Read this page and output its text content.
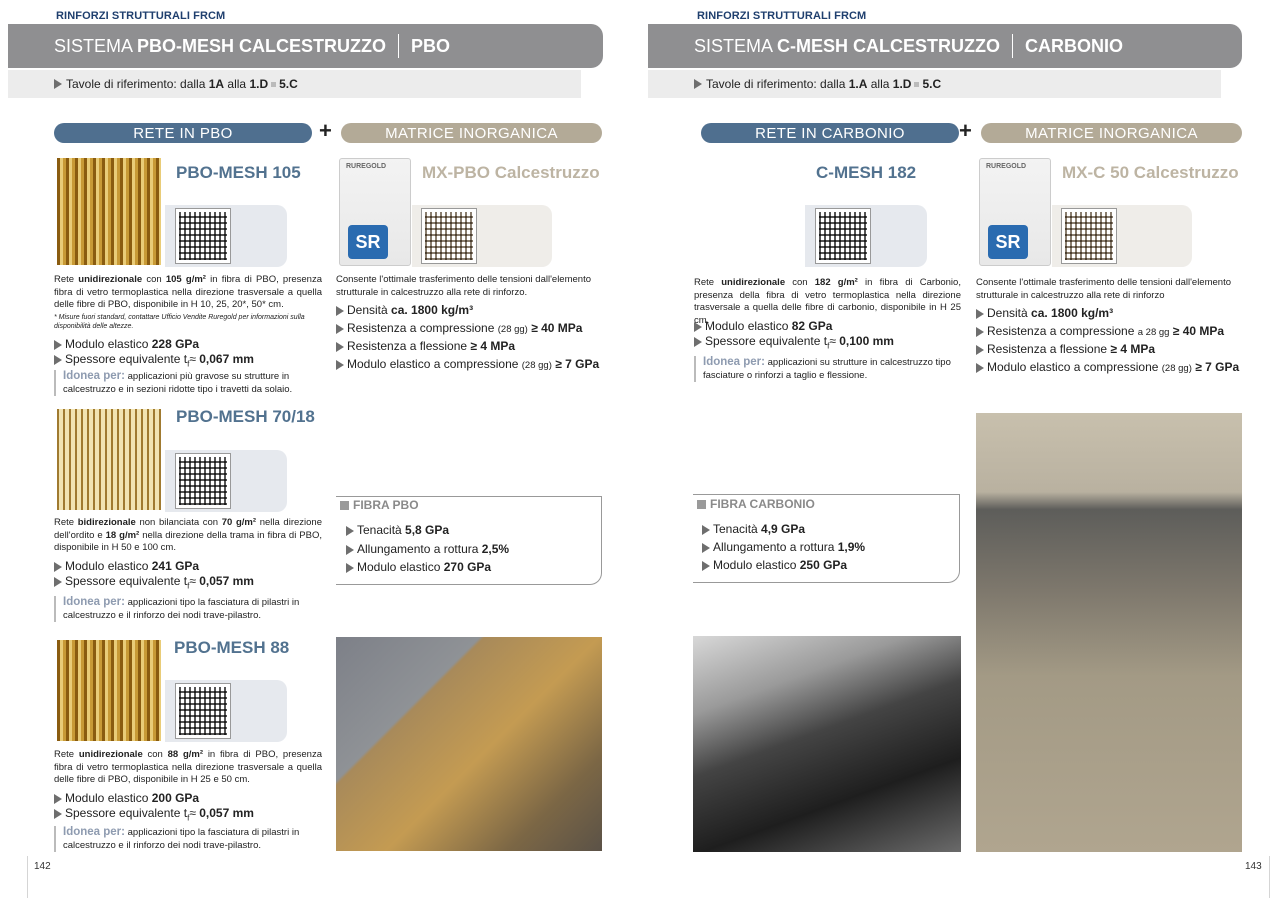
RINFORZI STRUTTURALI FRCM
SISTEMA PBO-MESH CALCESTRUZZO PBO
Tavole di riferimento: dalla 1A alla 1.D 5.C
RETE IN PBO	+	MATRICE INORGANICA
PBO-MESH 105
Rete unidirezionale con 105 g/m² in fibra di PBO, presenza fibra di vetro termoplastica nella direzione trasversale a quella delle fibre di PBO, disponibile in H 10, 25, 20*, 50* cm.
* Misure fuori standard, contattare Ufficio Vendite Ruregold per informazioni sulla disponibilità delle altezze.
Modulo elastico 228 GPa
Spessore equivalente $t_f\approx 0,067$ mm
Idonea per: applicazioni più gravose su strutture in calcestruzzo e in sezioni ridotte tipo i travetti da solaio.
RUREGOLD
SR
MX-PBO Calcestruzzo
Consente l'ottimale trasferimento delle tensioni dall'elemento strutturale in calcestruzzo alla rete di rinforzo.
Densità ca. 1800 kg/m³
Resistenza a compressione (28 gg) ≥ 40 MPa
Resistenza a flessione ≥ 4 MPa
Modulo elastico a compressione (28 gg) ≥ 7 GPa
PBO-MESH 70/18
Rete bidirezionale non bilanciata con 70 g/m² nella direzione dell'ordito e 18 g/m² nella direzione della trama in fibra di PBO, disponibile in H 50 e 100 cm.
Modulo elastico 241 GPa
Spessore equivalente $t_f\approx 0,057$ mm
Idonea per: applicazioni tipo la fasciatura di pilastri in calcestruzzo e il rinforzo dei nodi trave-pilastro.
FIBRA PBO
Tenacità 5,8 GPa
Allungamento a rottura 2,5%
Modulo elastico 270 GPa
PBO-MESH 88
Rete unidirezionale con 88 g/m² in fibra di PBO, presenza fibra di vetro termoplastica nella direzione trasversale a quella delle fibre di PBO, disponibile in H 25 e 50 cm.
Modulo elastico 200 GPa
Spessore equivalente $t_f\approx 0,057$ mm
Idonea per: applicazioni tipo la fasciatura di pilastri in calcestruzzo e il rinforzo dei nodi trave-pilastro.
142
RINFORZI STRUTTURALI FRCM
SISTEMA C-MESH CALCESTRUZZO CARBONIO
Tavole di riferimento: dalla 1.A alla 1.D 5.C
RETE IN CARBONIO	+	MATRICE INORGANICA
C-MESH 182
Rete unidirezionale con 182 g/m² in fibra di Carbonio, presenza della fibra di vetro termoplastica nella direzione trasversale a quella delle fibre di carbonio, disponibile in H 25 cm.
Modulo elastico 82 GPa
Spessore equivalente $t_f\approx 0,100$ mm
Idonea per: applicazioni su strutture in calcestruzzo tipo fasciature o rinforzi a taglio e flessione.
RUREGOLD
SR
MX-C 50 Calcestruzzo
Consente l'ottimale trasferimento delle tensioni dall'elemento strutturale in calcestruzzo alla rete di rinforzo
Densità ca. 1800 kg/m³
Resistenza a compressione a 28 gg ≥ 40 MPa
Resistenza a flessione ≥ 4 MPa
Modulo elastico a compressione (28 gg) ≥ 7 GPa
FIBRA CARBONIO
Tenacità 4,9 GPa
Allungamento a rottura 1,9%
Modulo elastico 250 GPa
143
